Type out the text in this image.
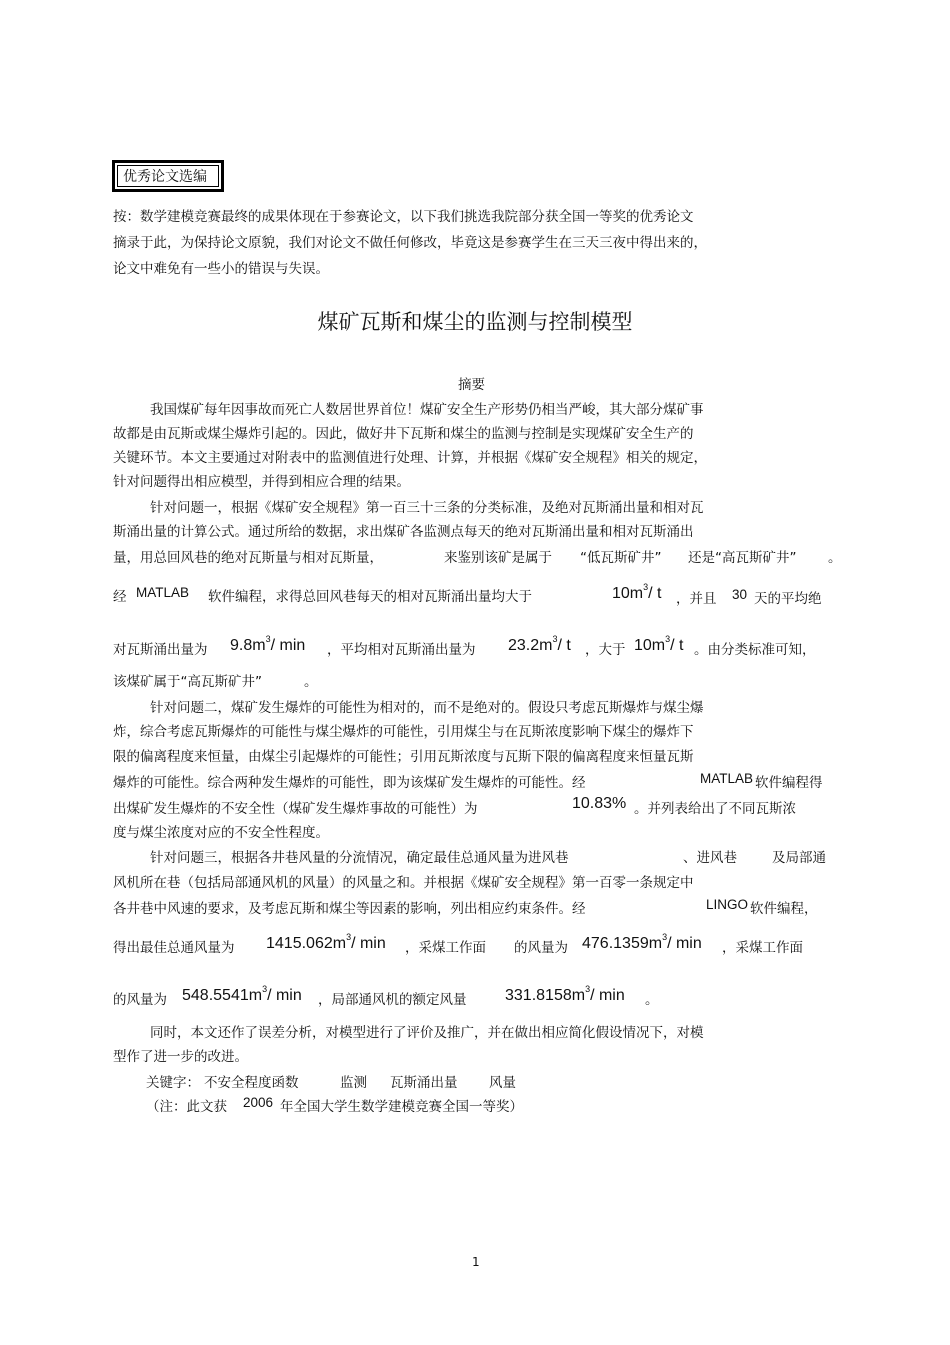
优秀论文选编
按：数学建模竞赛最终的成果体现在于参赛论文，以下我们挑选我院部分获全国一等奖的优秀论文
摘录于此，为保持论文原貌，我们对论文不做任何修改，毕竟这是参赛学生在三天三夜中得出来的，
论文中难免有一些小的错误与失误。
煤矿瓦斯和煤尘的监测与控制模型
摘要
我国煤矿每年因事故而死亡人数居世界首位！煤矿安全生产形势仍相当严峻，其大部分煤矿事
故都是由瓦斯或煤尘爆炸引起的。因此，做好井下瓦斯和煤尘的监测与控制是实现煤矿安全生产的
关键环节。本文主要通过对附表中的监测值进行处理、计算，并根据《煤矿安全规程》相关的规定，
针对问题得出相应模型，并得到相应合理的结果。
针对问题一，根据《煤矿安全规程》第一百三十三条的分类标准，及绝对瓦斯涌出量和相对瓦
斯涌出量的计算公式。通过所给的数据，求出煤矿各监测点每天的绝对瓦斯涌出量和相对瓦斯涌出
量，用总回风巷的绝对瓦斯量与相对瓦斯量，	来鉴别该矿是属于 “低瓦斯矿井” 还是“高瓦斯矿井” 。
经 MATLAB 软件编程，求得总回风巷每天的相对瓦斯涌出量均大于	$10m^3/$ t ，并且 30 天的平均绝
对瓦斯涌出量为 $9.8m^3/$ min ，平均相对瓦斯涌出量为 $23.2m^3/$ t ，大于 $10m^3/$ t 。由分类标准可知，
该煤矿属于“高瓦斯矿井”	。
针对问题二，煤矿发生爆炸的可能性为相对的，而不是绝对的。假设只考虑瓦斯爆炸与煤尘爆
炸，综合考虑瓦斯爆炸的可能性与煤尘爆炸的可能性，引用煤尘与在瓦斯浓度影响下煤尘的爆炸下
限的偏离程度来恒量，由煤尘引起爆炸的可能性；引用瓦斯浓度与瓦斯下限的偏离程度来恒量瓦斯
爆炸的可能性。综合两种发生爆炸的可能性，即为该煤矿发生爆炸的可能性。经	MATLAB 软件编程得
出煤矿发生爆炸的不安全性（煤矿发生爆炸事故的可能性）为	10.83% 。并列表给出了不同瓦斯浓
度与煤尘浓度对应的不安全性程度。
针对问题三，根据各井巷风量的分流情况，确定最佳总通风量为进风巷	、进风巷	及局部通
风机所在巷（包括局部通风机的风量）的风量之和。并根据《煤矿安全规程》第一百零一条规定中
各井巷中风速的要求，及考虑瓦斯和煤尘等因素的影响，列出相应约束条件。经	LINGO 软件编程，
得出最佳总通风量为 $1415.062m^3/$ min ，采煤工作面 的风量为 $476.1359m^3/$ min ，采煤工作面
的风量为 $548.5541m^3/$ min ，局部通风机的额定风量 $331.8158m^3/$ min 。
同时，本文还作了误差分析，对模型进行了评价及推广，并在做出相应简化假设情况下，对模
型作了进一步的改进。
关键字： 不安全程度函数	监测 瓦斯涌出量 风量
（注：此文获 2006 年全国大学生数学建模竞赛全国一等奖）
1
